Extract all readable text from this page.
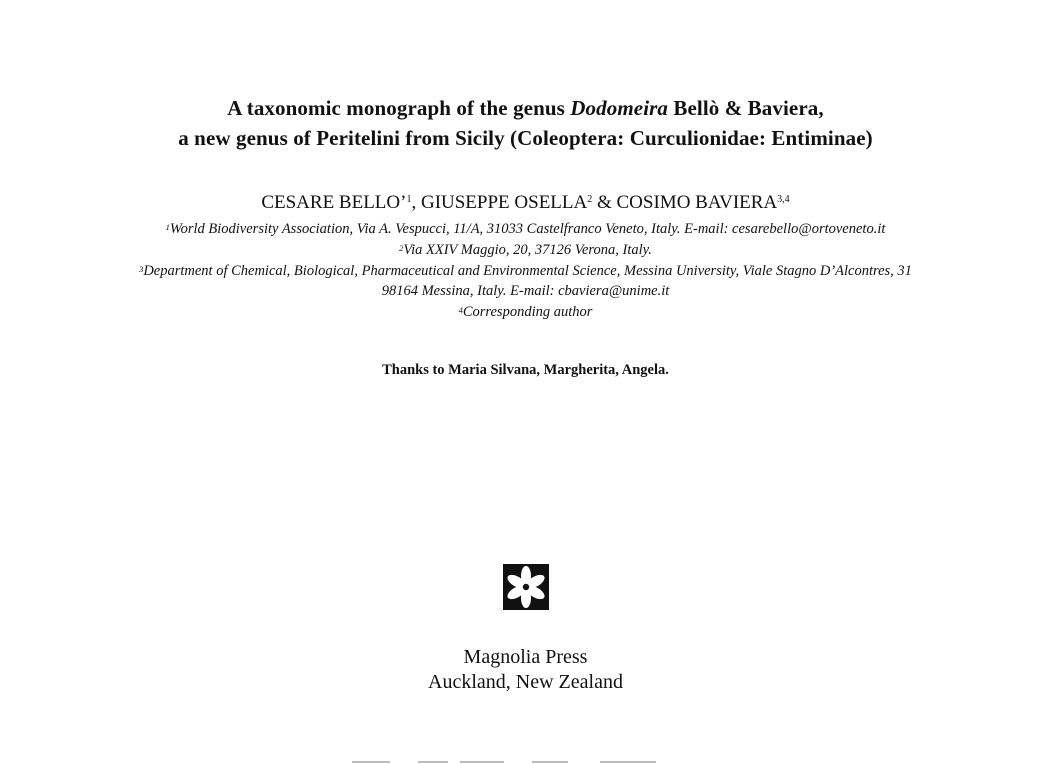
A taxonomic monograph of the genus Dodomeira Bellò & Baviera,
a new genus of Peritelini from Sicily (Coleoptera: Curculionidae: Entiminae)
CESARE BELLO’$^1$, GIUSEPPE OSELLA$^2$ & COSIMO BAVIERA$^{3,4}$
$^1$World Biodiversity Association, Via A. Vespucci, 11/A, 31033 Castelfranco Veneto, Italy. E-mail: cesarebello@ortoveneto.it
$^2$Via XXIV Maggio, 20, 37126 Verona, Italy.
$^3$Department of Chemical, Biological, Pharmaceutical and Environmental Science, Messina University, Viale Stagno D’Alcontres, 31
98164 Messina, Italy. E-mail: cbaviera@unime.it
$^4$Corresponding author
Thanks to Maria Silvana, Margherita, Angela.
Magnolia Press
Auckland, New Zealand
